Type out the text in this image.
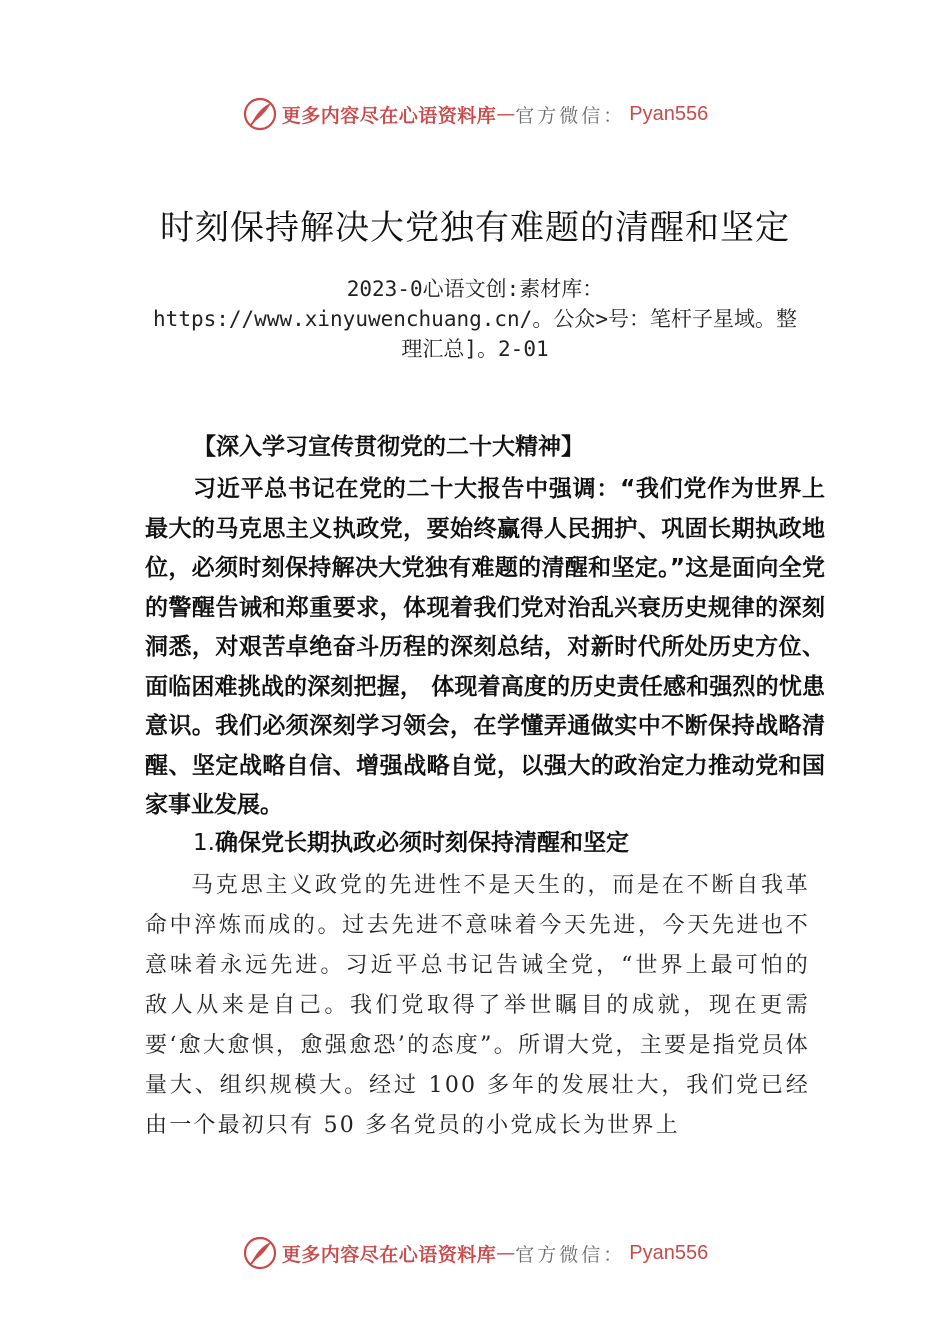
更多内容尽在心语资料库 — 官方微信： Pyan556
时刻保持解决大党独有难题的清醒和坚定

2023-0心语文创:素材库：https://www.xinyuwenchuang.cn/。公众>号：笔杆子星域。整理汇总]。2-01

【深入学习宣传贯彻党的二十大精神】

习近平总书记在党的二十大报告中强调：“我们党作为世界上最大的马克思主义执政党，要始终赢得人民拥护、巩固长期执政地位，必须时刻保持解决大党独有难题的清醒和坚定。”这是面向全党的警醒告诫和郑重要求，体现着我们党对治乱兴衰历史规律的深刻洞悉，对艰苦卓绝奋斗历程的深刻总结，对新时代所处历史方位、面临困难挑战的深刻把握， 体现着高度的历史责任感和强烈的忧患意识。我们必须深刻学习领会，在学懂弄通做实中不断保持战略清醒、坚定战略自信、增强战略自觉，以强大的政治定力推动党和国家事业发展。

1.确保党长期执政必须时刻保持清醒和坚定

马克思主义政党的先进性不是天生的，而是在不断自我革命中淬炼而成的。过去先进不意味着今天先进，今天先进也不意味着永远先进。习近平总书记告诫全党，“世界上最可怕的敌人从来是自己。我们党取得了举世瞩目的成就，现在更需要‘愈大愈惧，愈强愈恐’的态度”。所谓大党，主要是指党员体量大、组织规模大。经过 100 多年的发展壮大，我们党已经由一个最初只有 50 多名党员的小党成长为世界上

更多内容尽在心语资料库 — 官方微信： Pyan556
